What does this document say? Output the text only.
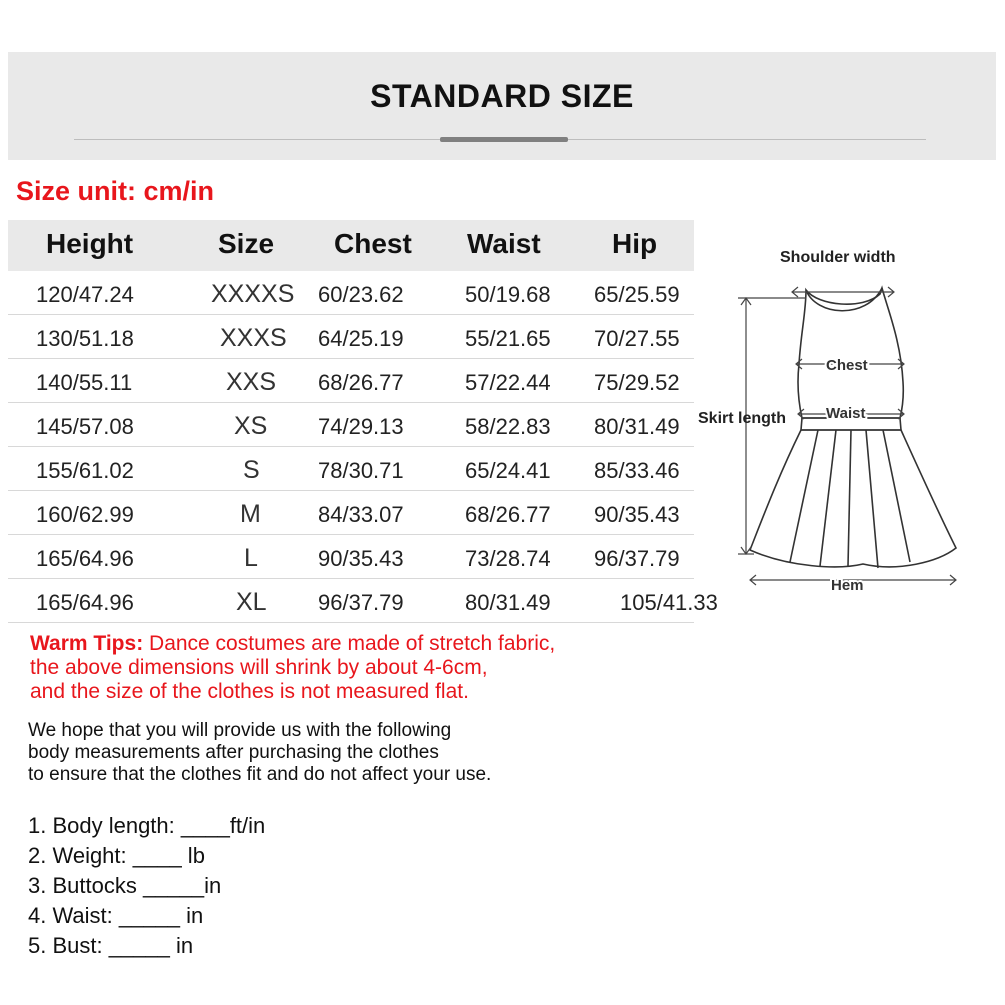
STANDARD SIZE
Size unit: cm/in
Height	Size Chest Waist	Hip
120/47.24	XXXXS 60/23.62	50/19.68 65/25.59
130/51.18	XXXS 64/25.19	55/21.65 70/27.55
140/55.11	XXS 68/26.77	57/22.44 75/29.52
145/57.08	XS 74/29.13	58/22.83 80/31.49
155/61.02	S	78/30.71	65/24.41 85/33.46
160/62.99	M	84/33.07	68/26.77 90/35.43
165/64.96	L	90/35.43	73/28.74 96/37.79
165/64.96	XL 96/37.79	80/31.49	105/41.33
Shoulder width
Chest
Skirt length	Waist
Hem
Warm Tips: Dance costumes are made of stretch fabric,
the above dimensions will shrink by about 4-6cm,
and the size of the clothes is not measured flat.
We hope that you will provide us with the following
body measurements after purchasing the clothes
to ensure that the clothes fit and do not affect your use.
1. Body length: ____ft/in
2. Weight: ____ lb
3. Buttocks _____in
4. Waist: _____ in
5. Bust: _____ in
